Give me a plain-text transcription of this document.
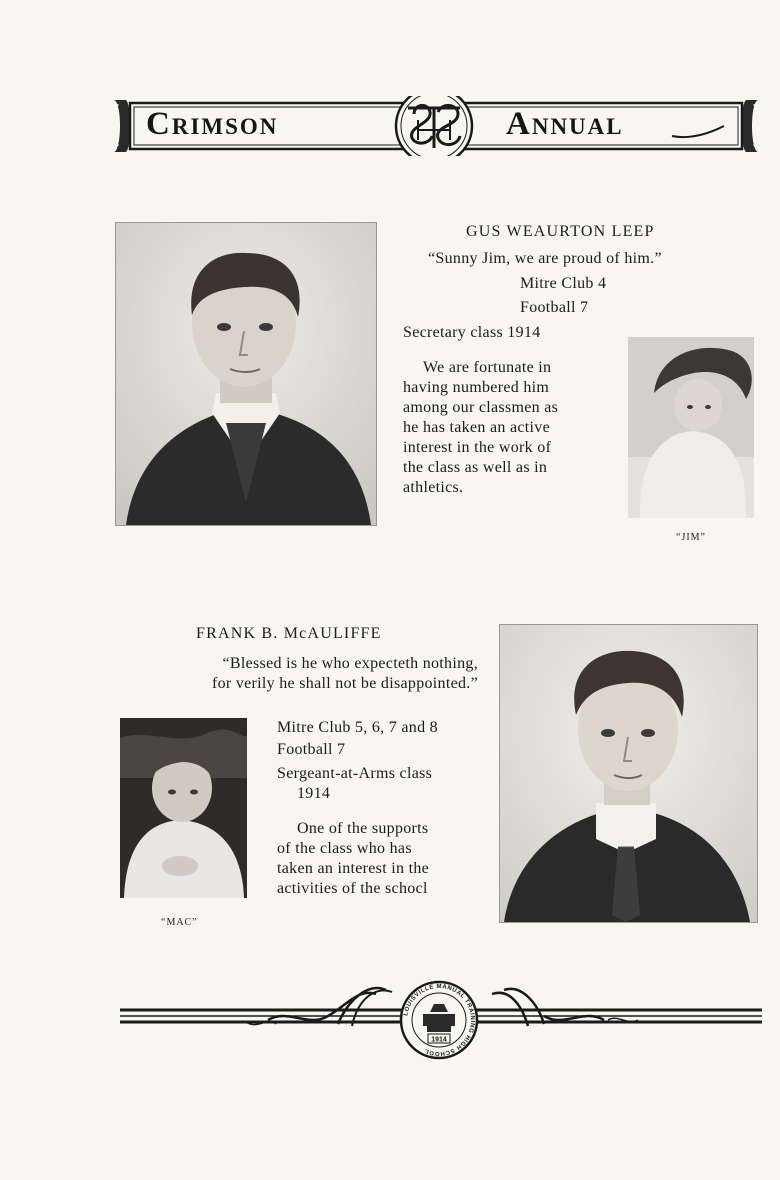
Crimson	Annual
GUS WEAURTON LEEP
“Sunny Jim, we are proud of him.”
Mitre Club 4
Football 7
Secretary class 1914
We are fortunate in
having numbered him
among our classmen as
he has taken an active
interest in the work of
the class as well as in
athletics.
“JIM”
FRANK B. McAULIFFE
“Blessed is he who expecteth nothing,
for verily he shall not be disappointed.”
Mitre Club 5, 6, 7 and 8
Football 7
Sergeant-at-Arms class
1914
One of the supports
of the class who has
taken an interest in the
activities of the schocl
“MAC”
LOUISVILLE MANUAL TRAINING HIGH SCHOOL
1914
